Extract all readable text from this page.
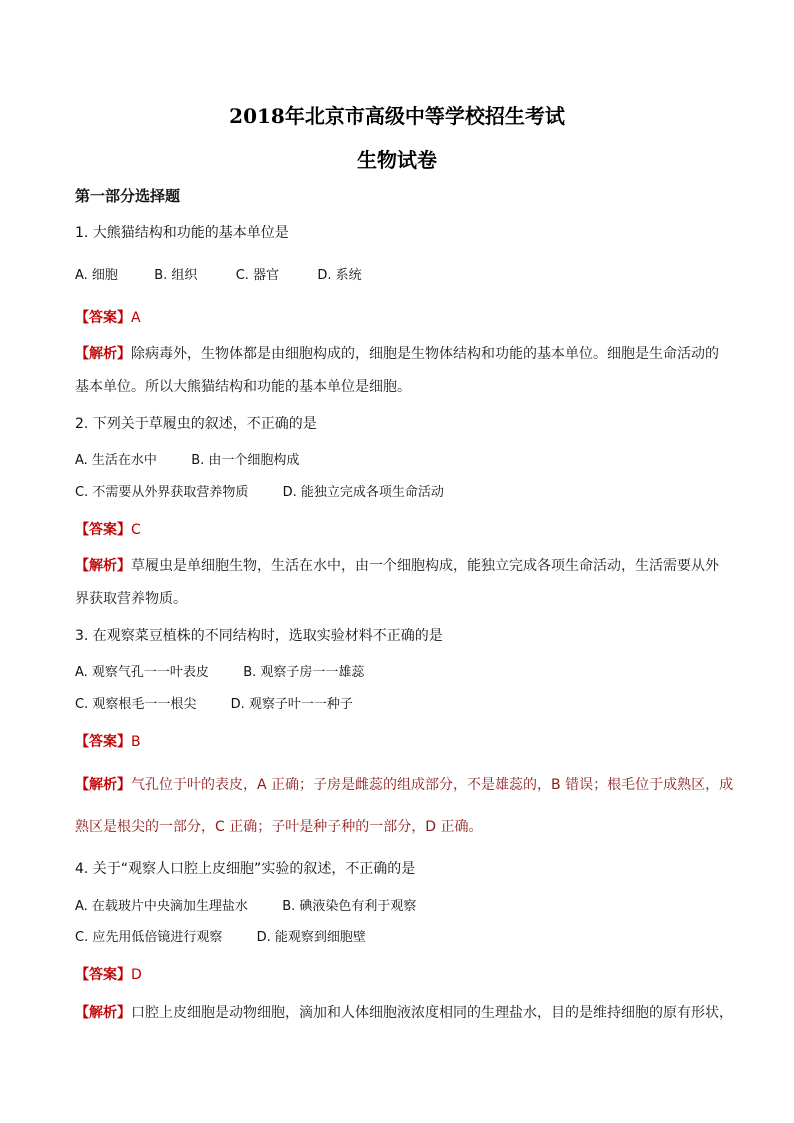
2018年北京市高级中等学校招生考试
生物试卷
第一部分选择题
1. 大熊猫结构和功能的基本单位是
A. 细胞	B. 组织	C. 器官	D. 系统
【答案】A
【解析】除病毒外，生物体都是由细胞构成的，细胞是生物体结构和功能的基本单位。细胞是生命活动的
基本单位。所以大熊猫结构和功能的基本单位是细胞。
2. 下列关于草履虫的叙述，不正确的是
A. 生活在水中	B. 由一个细胞构成
C. 不需要从外界获取营养物质	D. 能独立完成各项生命活动
【答案】C
【解析】草履虫是单细胞生物，生活在水中，由一个细胞构成，能独立完成各项生命活动，生活需要从外
界获取营养物质。
3. 在观察菜豆植株的不同结构时，选取实验材料不正确的是
A. 观察气孔一一叶表皮	B. 观察子房一一雄蕊
C. 观察根毛一一根尖	D. 观察子叶一一种子
【答案】B
【解析】气孔位于叶的表皮，A 正确；子房是雌蕊的组成部分，不是雄蕊的，B 错误；根毛位于成熟区，成
熟区是根尖的一部分，C 正确；子叶是种子种的一部分，D 正确。
4. 关于“观察人口腔上皮细胞”实验的叙述，不正确的是
A. 在载玻片中央滴加生理盐水	B. 碘液染色有利于观察
C. 应先用低倍镜进行观察	D. 能观察到细胞壁
【答案】D
【解析】口腔上皮细胞是动物细胞，滴加和人体细胞液浓度相同的生理盐水，目的是维持细胞的原有形状，
